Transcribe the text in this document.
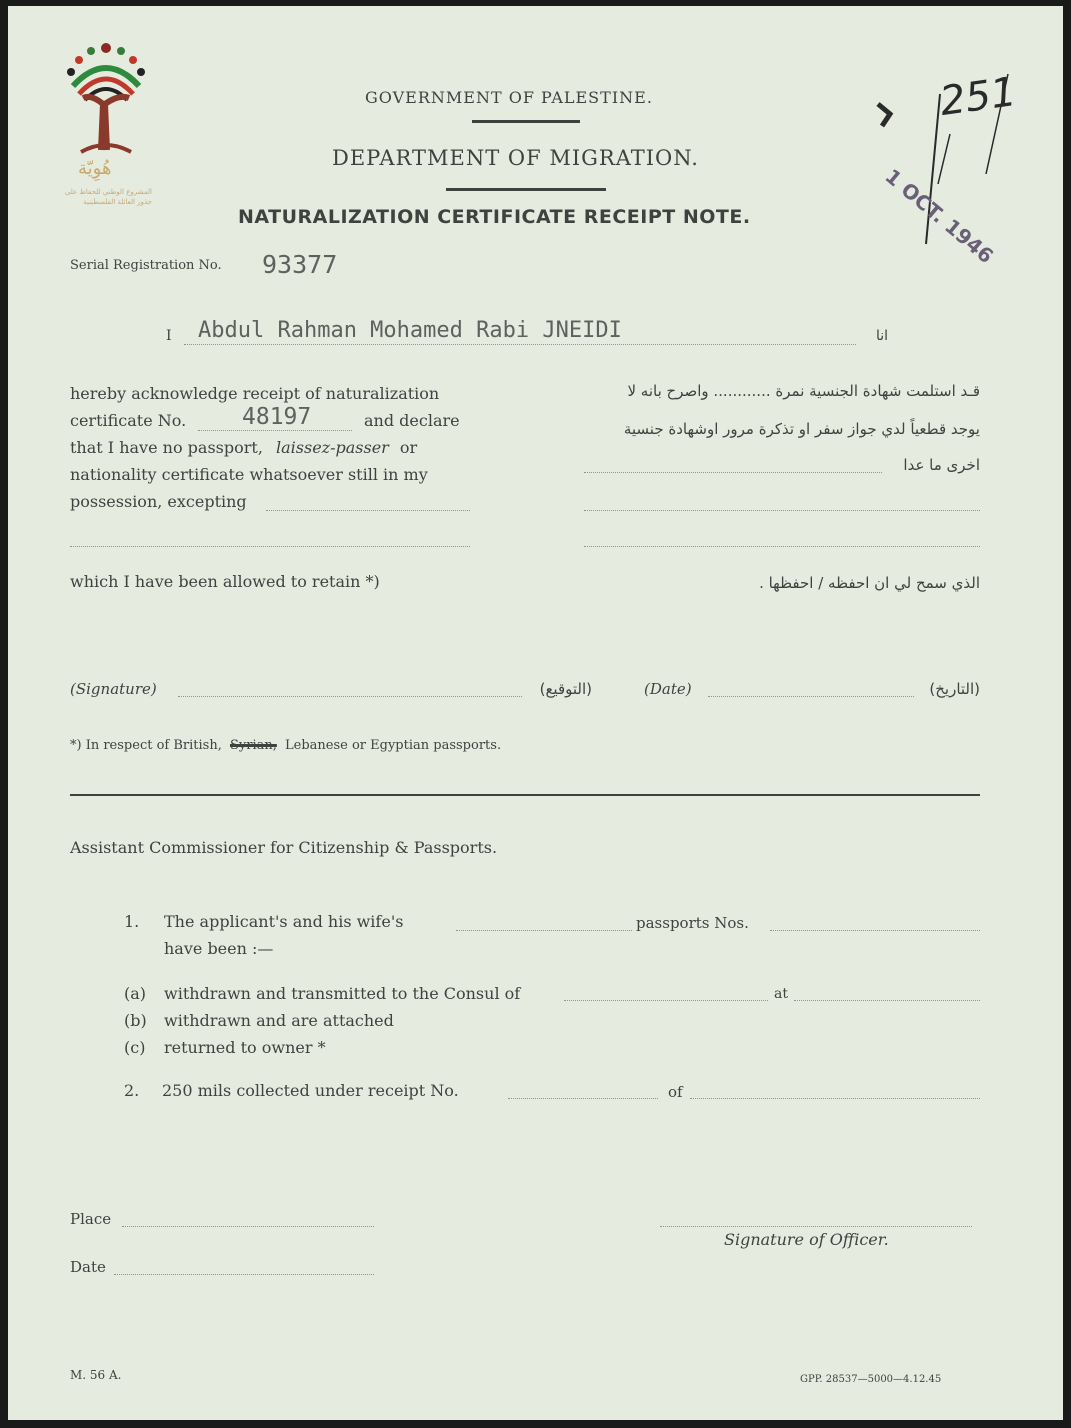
هُوِيّة
المشروع الوطني للحفاظ على
جذور العائلة الفلسطينية
GOVERNMENT OF PALESTINE.
DEPARTMENT OF MIGRATION.
NATURALIZATION CERTIFICATE RECEIPT NOTE.
251
1 OCT. 1946
Serial Registration No. 93377
I Abdul Rahman Mohamed Rabi JNEIDI	انا
hereby acknowledge receipt of naturalization
certificate No. 48197	and declare
that I have no passport, laissez-passer or
nationality certificate whatsoever still in my
possession, excepting
قـد استلمت شهادة الجنسية نمرة ............ واصرح بانه لا
يوجد قطعياً لدي جواز سفر او تذكرة مرور اوشهادة جنسية
اخرى ما عدا
which I have been allowed to retain *)	الذي سمح لي ان احفظه / احفظها .
(Signature)	(التوقيع)	(Date)	(التاريخ)
*) In respect of British, Syrian, Lebanese or Egyptian passports.
Assistant Commissioner for Citizenship & Passports.
1. The applicant's and his wife's	passports Nos.
have been :—
(a) withdrawn and transmitted to the Consul of	at
(b) withdrawn and are attached
(c) returned to owner *
2. 250 mils collected under receipt No.	of
Place
Signature of Officer.
Date
M. 56 A.	GPP. 28537—5000—4.12.45
